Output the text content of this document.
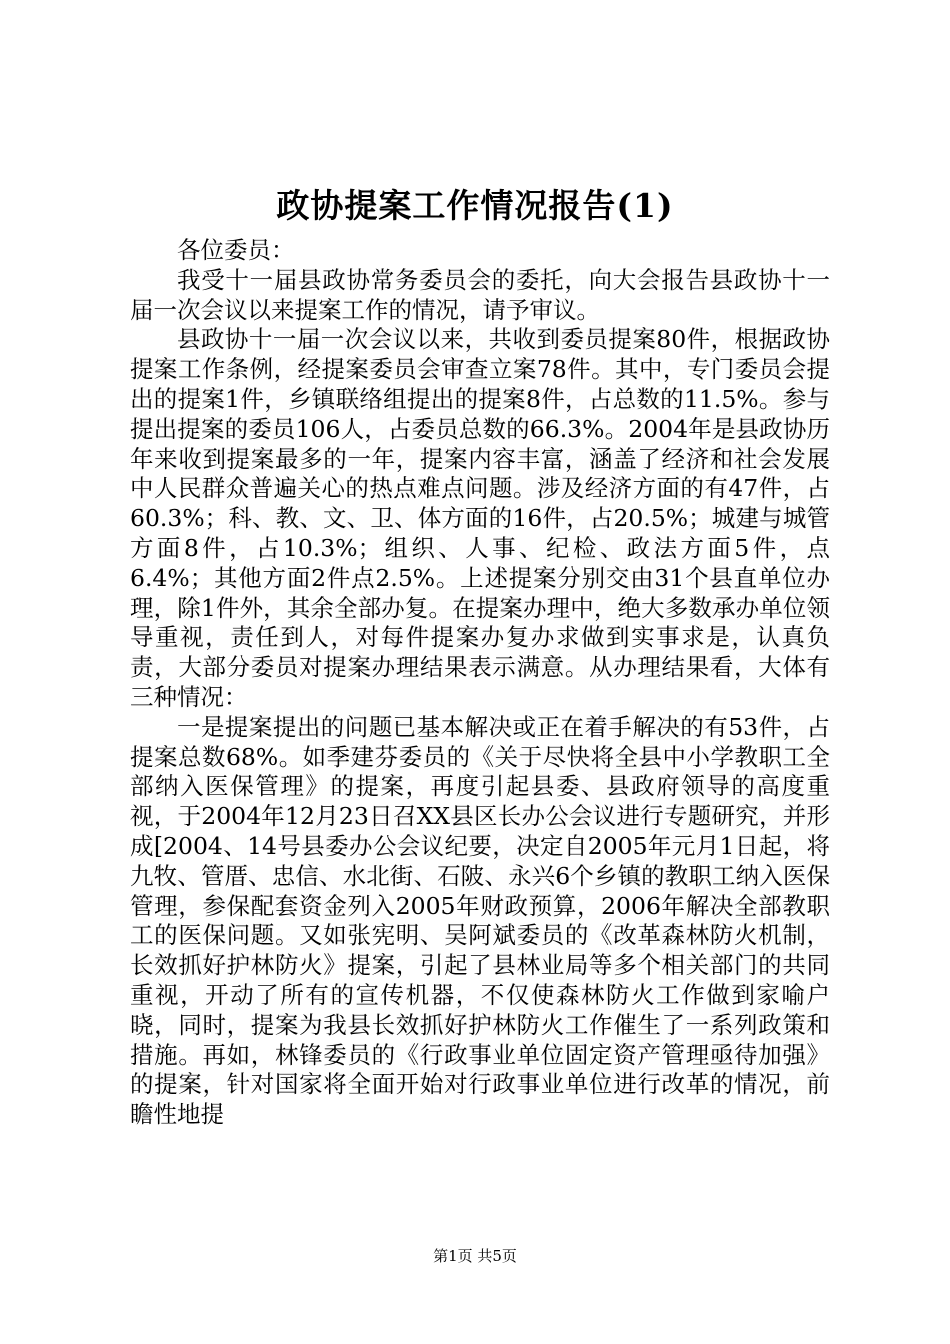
政协提案工作情况报告(1)

各位委员：

我受十一届县政协常务委员会的委托，向大会报告县政协十一届一次会议以来提案工作的情况，请予审议。

县政协十一届一次会议以来，共收到委员提案80件，根据政协提案工作条例，经提案委员会审查立案78件。其中，专门委员会提出的提案1件，乡镇联络组提出的提案8件，占总数的11.5%。参与提出提案的委员106人，占委员总数的66.3%。2004年是县政协历年来收到提案最多的一年，提案内容丰富，涵盖了经济和社会发展中人民群众普遍关心的热点难点问题。涉及经济方面的有47件，占60.3%；科、教、文、卫、体方面的16件，占20.5%；城建与城管方面8件，占10.3%；组织、人事、纪检、政法方面5件，点6.4%；其他方面2件点2.5%。上述提案分别交由31个县直单位办理，除1件外，其余全部办复。在提案办理中，绝大多数承办单位领导重视，责任到人，对每件提案办复办求做到实事求是，认真负责，大部分委员对提案办理结果表示满意。从办理结果看，大体有三种情况：

一是提案提出的问题已基本解决或正在着手解决的有53件，占提案总数68%。如季建芬委员的《关于尽快将全县中小学教职工全部纳入医保管理》的提案，再度引起县委、县政府领导的高度重视，于2004年12月23日召XX县区长办公会议进行专题研究，并形成[2004、14号县委办公会议纪要，决定自2005年元月1日起，将九牧、管厝、忠信、水北街、石陂、永兴6个乡镇的教职工纳入医保管理，参保配套资金列入2005年财政预算，2006年解决全部教职工的医保问题。又如张宪明、吴阿斌委员的《改革森林防火机制，长效抓好护林防火》提案，引起了县林业局等多个相关部门的共同重视，开动了所有的宣传机器，不仅使森林防火工作做到家喻户晓，同时，提案为我县长效抓好护林防火工作催生了一系列政策和措施。再如，林锋委员的《行政事业单位固定资产管理亟待加强》的提案，针对国家将全面开始对行政事业单位进行改革的情况，前瞻性地提

第1页 共5页
